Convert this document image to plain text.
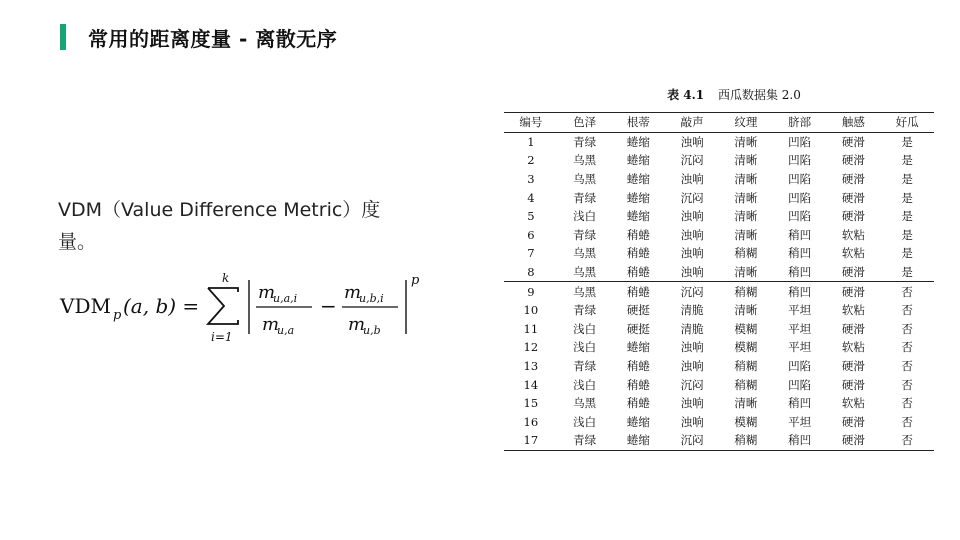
常用的距离度量 - 离散无序
VDM（Value Difference Metric）度量。
VDM p (a, b) =
k
i=1
m
u,a,i
m
u,a
−
m
u,b,i
m
u,b
p
表 4.1 西瓜数据集 2.0
编号	色泽	根蒂	敲声	纹理	脐部	触感	好瓜
1	青绿	蜷缩	浊响	清晰	凹陷	硬滑	是
2	乌黑	蜷缩	沉闷	清晰	凹陷	硬滑	是
3	乌黑	蜷缩	浊响	清晰	凹陷	硬滑	是
4	青绿	蜷缩	沉闷	清晰	凹陷	硬滑	是
5	浅白	蜷缩	浊响	清晰	凹陷	硬滑	是
6	青绿	稍蜷	浊响	清晰	稍凹	软粘	是
7	乌黑	稍蜷	浊响	稍糊	稍凹	软粘	是
8	乌黑	稍蜷	浊响	清晰	稍凹	硬滑	是
9	乌黑	稍蜷	沉闷	稍糊	稍凹	硬滑	否
10	青绿	硬挺	清脆	清晰	平坦	软粘	否
11	浅白	硬挺	清脆	模糊	平坦	硬滑	否
12	浅白	蜷缩	浊响	模糊	平坦	软粘	否
13	青绿	稍蜷	浊响	稍糊	凹陷	硬滑	否
14	浅白	稍蜷	沉闷	稍糊	凹陷	硬滑	否
15	乌黑	稍蜷	浊响	清晰	稍凹	软粘	否
16	浅白	蜷缩	浊响	模糊	平坦	硬滑	否
17	青绿	蜷缩	沉闷	稍糊	稍凹	硬滑	否
